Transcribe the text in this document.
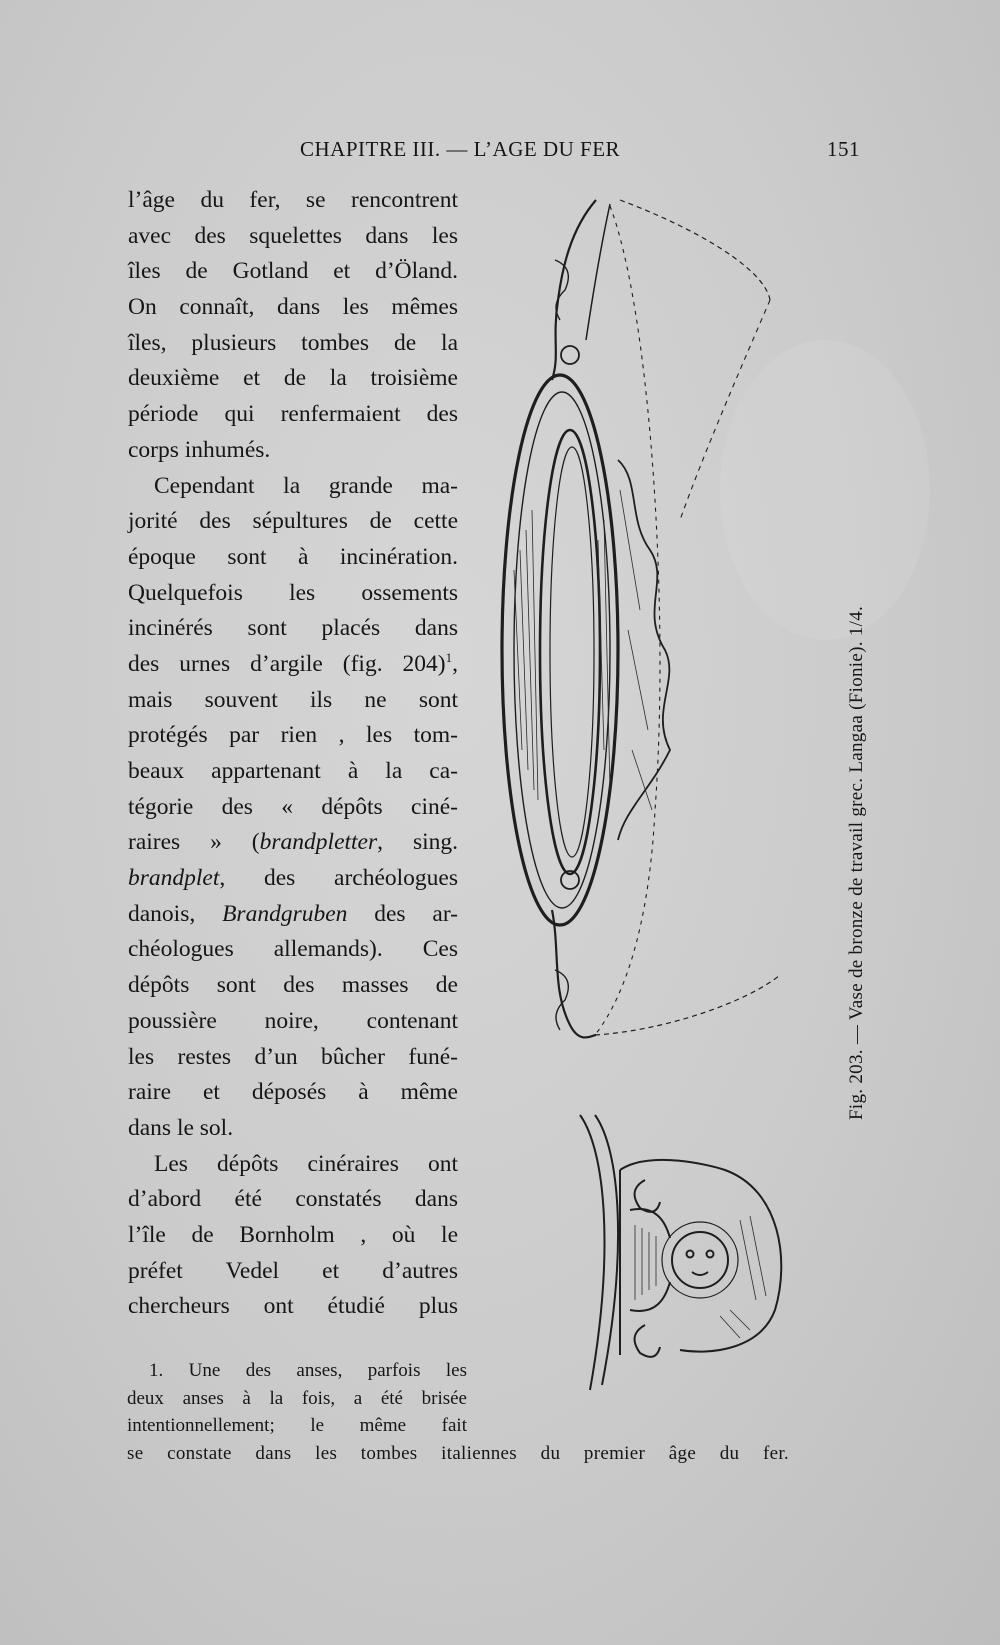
CHAPITRE III. — L’AGE DU FER	151
l’âge du fer, se rencontrent
avec des squelettes dans les
îles de Gotland et d’Öland.
On connaît, dans les mêmes
îles, plusieurs tombes de la
deuxième et de la troisième
période qui renfermaient des
corps inhumés.
Cependant la grande ma-
jorité des sépultures de cette
époque sont à incinération.
Quelquefois les ossements
incinérés sont placés dans
des urnes d’argile (fig. 204)$^1$,
mais souvent ils ne sont
protégés par rien , les tom-
beaux appartenant à la ca-
tégorie des « dépôts ciné-
raires » (brandpletter, sing.
brandplet, des archéologues
danois, Brandgruben des ar-
chéologues allemands). Ces
dépôts sont des masses de
poussière noire, contenant
les restes d’un bûcher funé-
raire et déposés à même
dans le sol.
Les dépôts cinéraires ont
d’abord été constatés dans
l’île de Bornholm , où le
préfet Vedel et d’autres
chercheurs ont étudié plus
Fig. 203. — Vase de bronze de travail grec. Langaa (Fionie). 1/4.
1. Une des anses, parfois les
deux anses à la fois, a été brisée
intentionnellement; le même fait
se constate dans les tombes italiennes du premier âge du fer.
